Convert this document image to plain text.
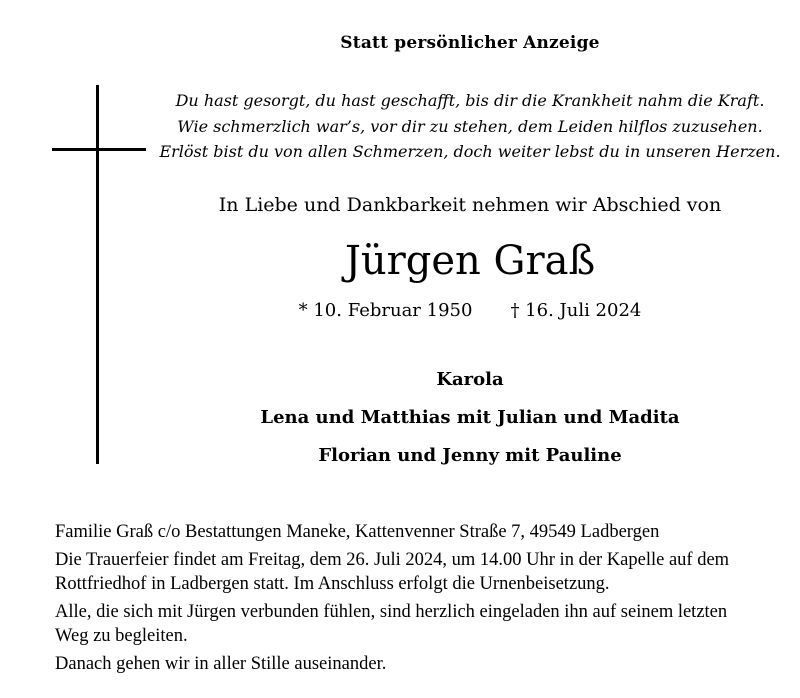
Statt persönlicher Anzeige
Du hast gesorgt, du hast geschafft, bis dir die Krankheit nahm die Kraft.
Wie schmerzlich war’s, vor dir zu stehen, dem Leiden hilflos zuzusehen.
Erlöst bist du von allen Schmerzen, doch weiter lebst du in unseren Herzen.
In Liebe und Dankbarkeit nehmen wir Abschied von
Jürgen Graß
* 10. Februar 1950 † 16. Juli 2024
Karola
Lena und Matthias mit Julian und Madita
Florian und Jenny mit Pauline

Familie Graß c/o Bestattungen Maneke, Kattenvenner Straße 7, 49549 Ladbergen

Die Trauerfeier findet am Freitag, dem 26. Juli 2024, um 14.00 Uhr in der Kapelle auf dem
Rottfriedhof in Ladbergen statt. Im Anschluss erfolgt die Urnenbeisetzung.

Alle, die sich mit Jürgen verbunden fühlen, sind herzlich eingeladen ihn auf seinem letzten
Weg zu begleiten.

Danach gehen wir in aller Stille auseinander.
